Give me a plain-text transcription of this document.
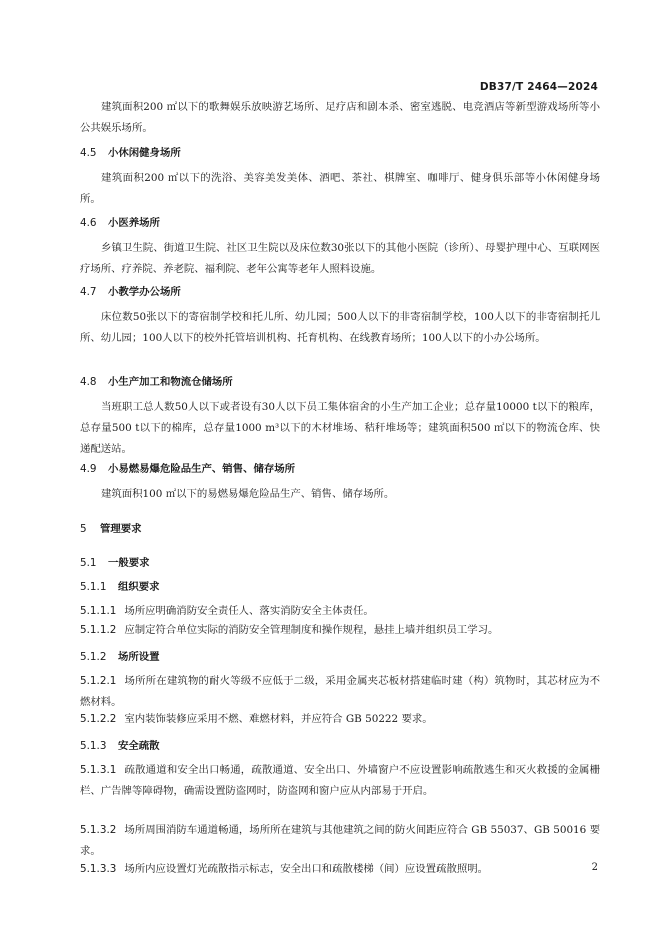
DB37/T 2464—2024
建筑面积200 ㎡以下的歌舞娱乐放映游艺场所、足疗店和剧本杀、密室逃脱、电竞酒店等新型游戏场所等小公共娱乐场所。
4.5 小休闲健身场所
建筑面积200 ㎡以下的洗浴、美容美发美体、酒吧、茶社、棋牌室、咖啡厅、健身俱乐部等小休闲健身场所。
4.6 小医养场所
乡镇卫生院、街道卫生院、社区卫生院以及床位数30张以下的其他小医院（诊所）、母婴护理中心、互联网医疗场所、疗养院、养老院、福利院、老年公寓等老年人照料设施。
4.7 小教学办公场所
床位数50张以下的寄宿制学校和托儿所、幼儿园；500人以下的非寄宿制学校，100人以下的非寄宿制托儿所、幼儿园；100人以下的校外托管培训机构、托育机构、在线教育场所；100人以下的小办公场所。
4.8 小生产加工和物流仓储场所
当班职工总人数50人以下或者设有30人以下员工集体宿舍的小生产加工企业；总存量10000 t以下的粮库，总存量500 t以下的棉库，总存量1000 m³以下的木材堆场、秸秆堆场等；建筑面积500 ㎡以下的物流仓库、快递配送站。
4.9 小易燃易爆危险品生产、销售、储存场所
建筑面积100 ㎡以下的易燃易爆危险品生产、销售、储存场所。
5 管理要求
5.1 一般要求
5.1.1 组织要求
5.1.1.1 场所应明确消防安全责任人、落实消防安全主体责任。
5.1.1.2 应制定符合单位实际的消防安全管理制度和操作规程，悬挂上墙并组织员工学习。
5.1.2 场所设置
5.1.2.1 场所所在建筑物的耐火等级不应低于二级，采用金属夹芯板材搭建临时建（构）筑物时，其芯材应为不燃材料。
5.1.2.2 室内装饰装修应采用不燃、难燃材料，并应符合 GB 50222 要求。
5.1.3 安全疏散
5.1.3.1 疏散通道和安全出口畅通，疏散通道、安全出口、外墙窗户不应设置影响疏散逃生和灭火救援的金属栅栏、广告牌等障碍物，确需设置防盗网时，防盗网和窗户应从内部易于开启。
5.1.3.2 场所周围消防车通道畅通，场所所在建筑与其他建筑之间的防火间距应符合 GB 55037、GB 50016 要求。
5.1.3.3 场所内应设置灯光疏散指示标志，安全出口和疏散楼梯（间）应设置疏散照明。	2
